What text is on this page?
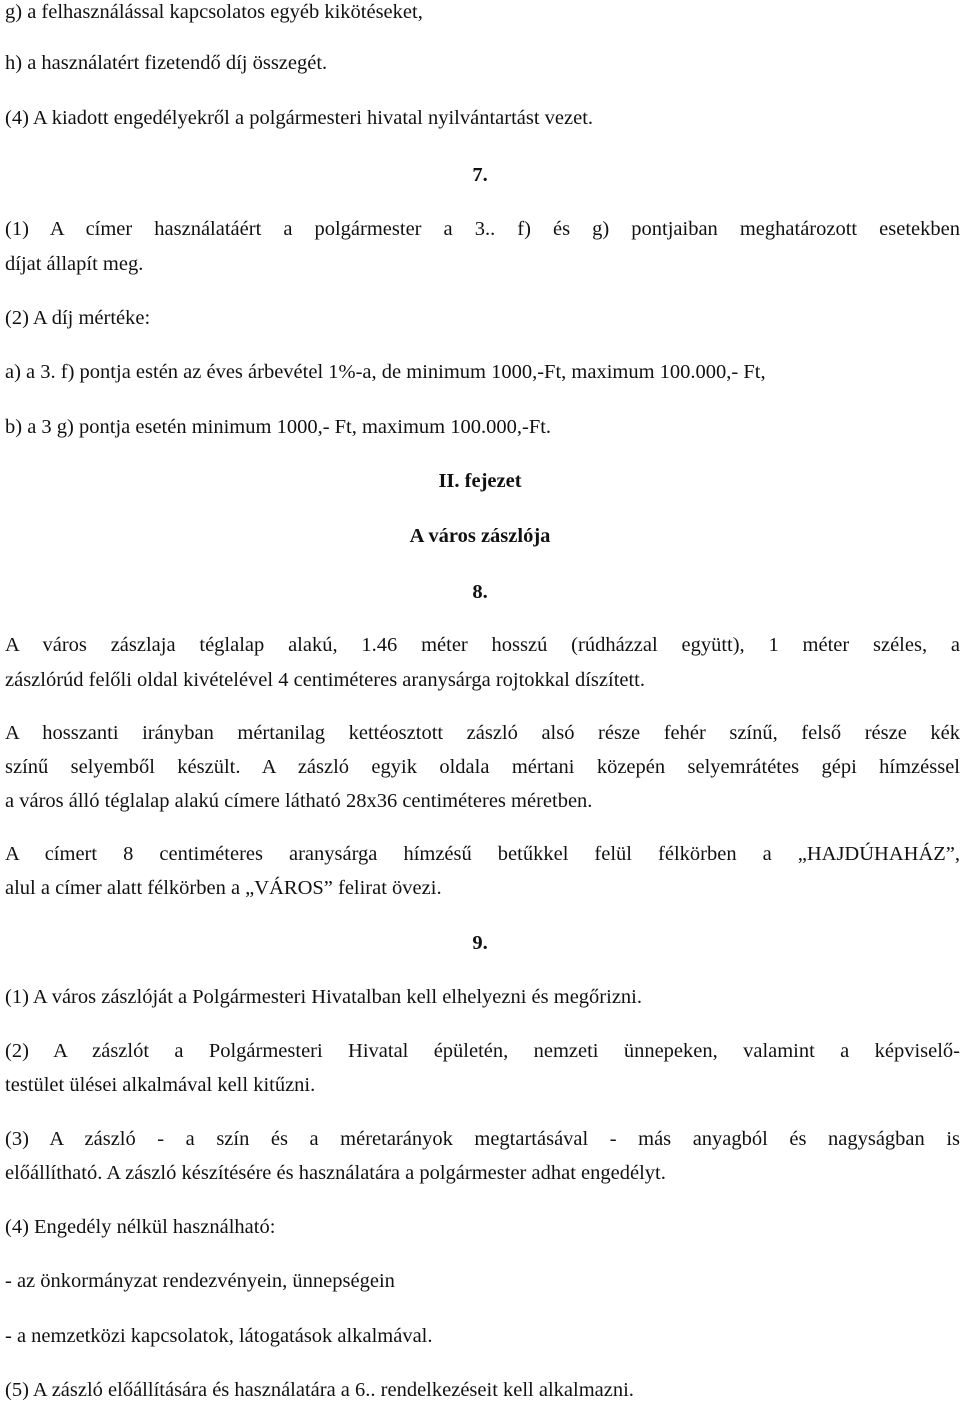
g) a felhasználással kapcsolatos egyéb kikötéseket,

h) a használatért fizetendő díj összegét.

(4) A kiadott engedélyekről a polgármesteri hivatal nyilvántartást vezet.

7.

(1) A címer használatáért a polgármester a 3.. f) és g) pontjaiban meghatározott esetekben

díjat állapít meg.

(2) A díj mértéke:

a) a 3. f) pontja estén az éves árbevétel 1%-a, de minimum 1000,-Ft, maximum 100.000,- Ft,

b) a 3 g) pontja esetén minimum 1000,- Ft, maximum 100.000,-Ft.

II. fejezet

A város zászlója

8.

A város zászlaja téglalap alakú, 1.46 méter hosszú (rúdházzal együtt), 1 méter széles, a

zászlórúd felőli oldal kivételével 4 centiméteres aranysárga rojtokkal díszített.

A hosszanti irányban mértanilag kettéosztott zászló alsó része fehér színű, felső része kék

színű selyemből készült. A zászló egyik oldala mértani közepén selyemrátétes gépi hímzéssel

a város álló téglalap alakú címere látható 28x36 centiméteres méretben.

A címert 8 centiméteres aranysárga hímzésű betűkkel felül félkörben a „HAJDÚHAHÁZ”,

alul a címer alatt félkörben a „VÁROS” felirat övezi.

9.

(1) A város zászlóját a Polgármesteri Hivatalban kell elhelyezni és megőrizni.

(2) A zászlót a Polgármesteri Hivatal épületén, nemzeti ünnepeken, valamint a képviselő-

testület ülései alkalmával kell kitűzni.

(3) A zászló - a szín és a méretarányok megtartásával - más anyagból és nagyságban is

előállítható. A zászló készítésére és használatára a polgármester adhat engedélyt.

(4) Engedély nélkül használható:

- az önkormányzat rendezvényein, ünnepségein

- a nemzetközi kapcsolatok, látogatások alkalmával.

(5) A zászló előállítására és használatára a 6.. rendelkezéseit kell alkalmazni.
